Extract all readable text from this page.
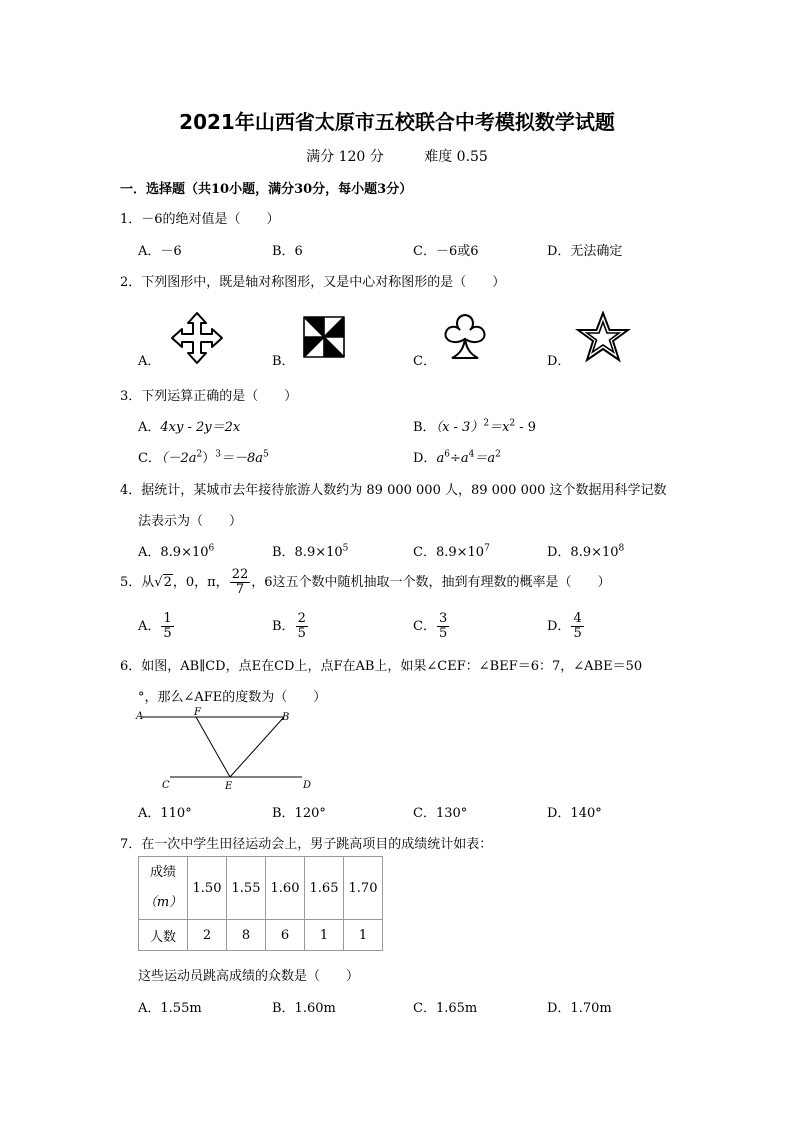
2021年山西省太原市五校联合中考模拟数学试题
满分 120 分	难度 0.55
一．选择题（共10小题，满分30分，每小题3分）
1．－6的绝对值是（　　）
A．－6	B．6	C．－6或6	D．无法确定
2．下列图形中，既是轴对称图形，又是中心对称图形的是（　　）
A．	B．	C．	D．
3．下列运算正确的是（　　）
A．4xy - 2y＝2x	B．$(x - 3)^2=x^2 - 9$
C．$(-2a^2)^3=-8a^5$	D．$a^6\div a^4=a^2$
4．据统计，某城市去年接待旅游人数约为 89 000 000 人，89 000 000 这个数据用科学记数
法表示为（　　）
A．$8.9\times 10^6$	B．$8.9\times 10^5$	C．$8.9\times 10^7$	D．$8.9\times 10^8$
5．从√2，0，π， $\frac{22}{7}$ ，6这五个数中随机抽取一个数，抽到有理数的概率是（　　）
A． $\frac{1}{5}$	B． $\frac{2}{5}$	C． $\frac{3}{5}$	D． $\frac{4}{5}$
6．如图，AB∥CD，点E在CD上，点F在AB上，如果∠CEF：∠BEF＝6：7，∠ABE＝50
°，那么∠AFE的度数为（　　）
A	F	B
C	E	D
A．110°	B．120°	C．130°	D．140°
7．在一次中学生田径运动会上，男子跳高项目的成绩统计如表：
成绩
（m）	1.50	1.55	1.60	1.65	1.70
人数	2	8	6	1	1
这些运动员跳高成绩的众数是（　　）
A．1.55m	B．1.60m	C．1.65m	D．1.70m
